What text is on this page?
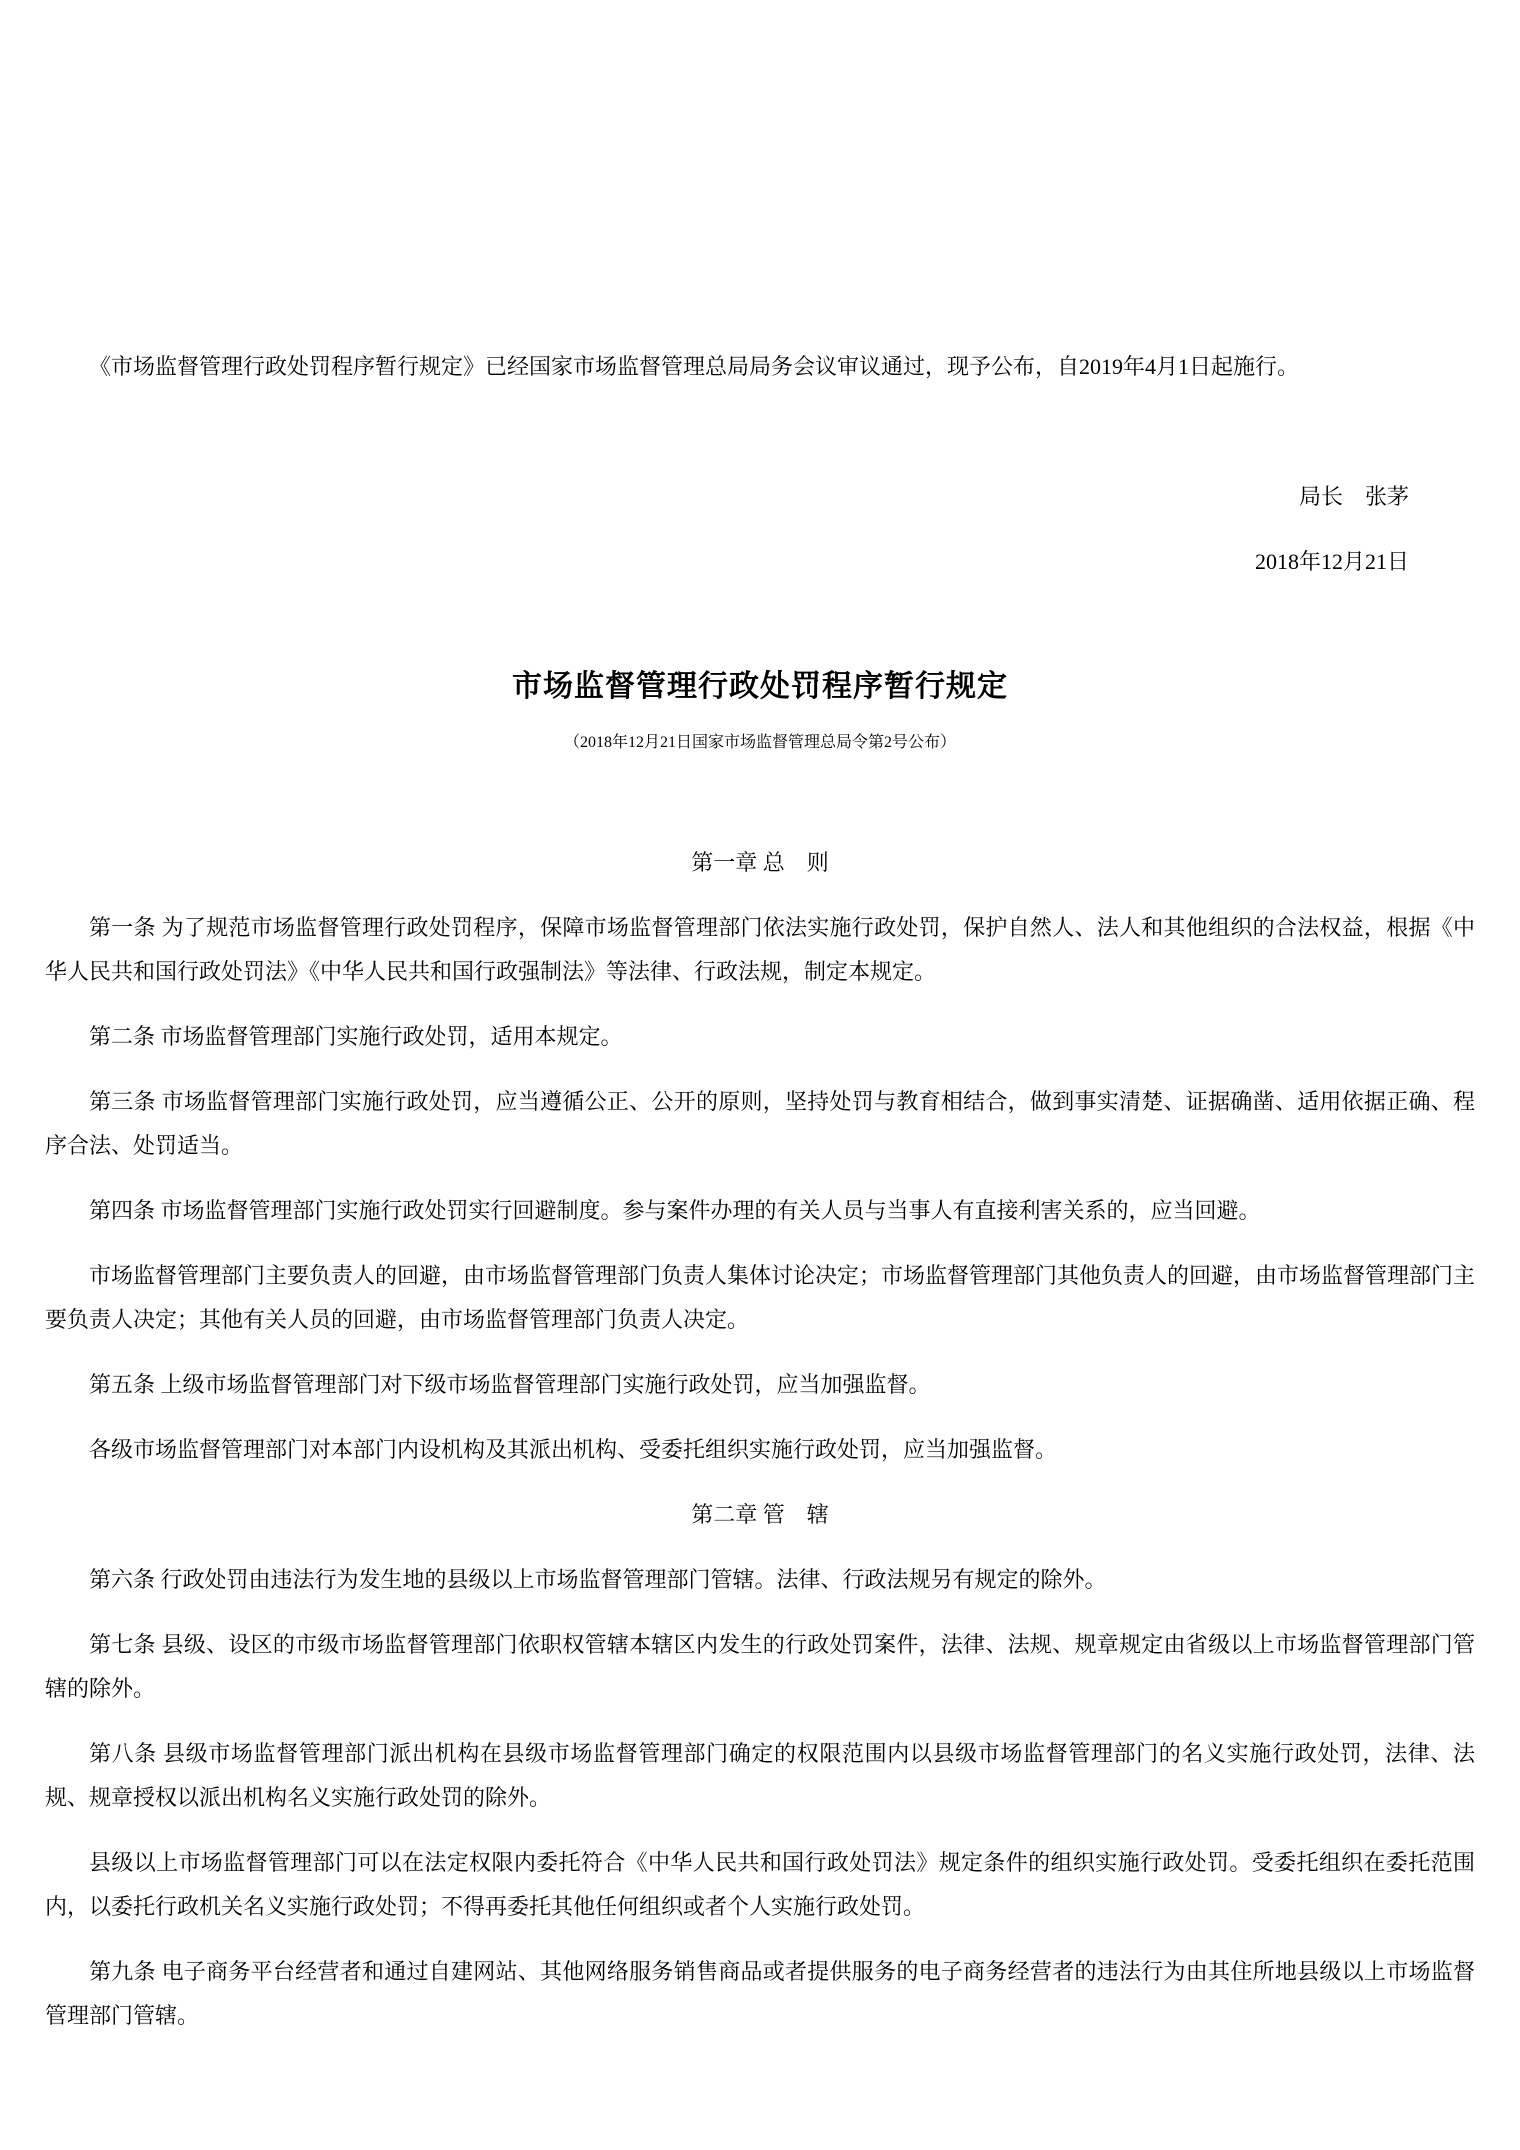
《市场监督管理行政处罚程序暂行规定》已经国家市场监督管理总局局务会议审议通过，现予公布，自2019年4月1日起施行。

局长　张茅

2018年12月21日

市场监督管理行政处罚程序暂行规定

（2018年12月21日国家市场监督管理总局令第2号公布）

第一章 总　则

第一条 为了规范市场监督管理行政处罚程序，保障市场监督管理部门依法实施行政处罚，保护自然人、法人和其他组织的合法权益，根据《中华人民共和国行政处罚法》《中华人民共和国行政强制法》等法律、行政法规，制定本规定。

第二条 市场监督管理部门实施行政处罚，适用本规定。

第三条 市场监督管理部门实施行政处罚，应当遵循公正、公开的原则，坚持处罚与教育相结合，做到事实清楚、证据确凿、适用依据正确、程序合法、处罚适当。

第四条 市场监督管理部门实施行政处罚实行回避制度。参与案件办理的有关人员与当事人有直接利害关系的，应当回避。

市场监督管理部门主要负责人的回避，由市场监督管理部门负责人集体讨论决定；市场监督管理部门其他负责人的回避，由市场监督管理部门主要负责人决定；其他有关人员的回避，由市场监督管理部门负责人决定。

第五条 上级市场监督管理部门对下级市场监督管理部门实施行政处罚，应当加强监督。

各级市场监督管理部门对本部门内设机构及其派出机构、受委托组织实施行政处罚，应当加强监督。

第二章 管　辖

第六条 行政处罚由违法行为发生地的县级以上市场监督管理部门管辖。法律、行政法规另有规定的除外。

第七条 县级、设区的市级市场监督管理部门依职权管辖本辖区内发生的行政处罚案件，法律、法规、规章规定由省级以上市场监督管理部门管辖的除外。

第八条 县级市场监督管理部门派出机构在县级市场监督管理部门确定的权限范围内以县级市场监督管理部门的名义实施行政处罚，法律、法规、规章授权以派出机构名义实施行政处罚的除外。

县级以上市场监督管理部门可以在法定权限内委托符合《中华人民共和国行政处罚法》规定条件的组织实施行政处罚。受委托组织在委托范围内，以委托行政机关名义实施行政处罚；不得再委托其他任何组织或者个人实施行政处罚。

第九条 电子商务平台经营者和通过自建网站、其他网络服务销售商品或者提供服务的电子商务经营者的违法行为由其住所地县级以上市场监督管理部门管辖。
